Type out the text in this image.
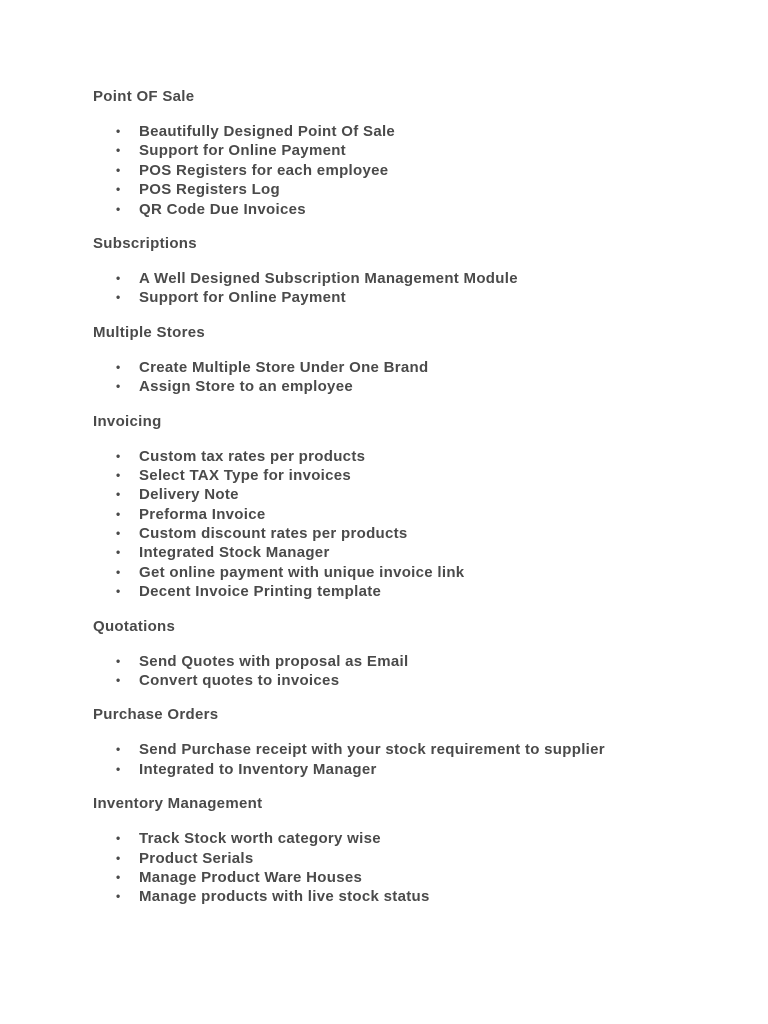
Point OF Sale
• Beautifully Designed Point Of Sale
• Support for Online Payment
• POS Registers for each employee
• POS Registers Log
• QR Code Due Invoices
Subscriptions
• A Well Designed Subscription Management Module
• Support for Online Payment
Multiple Stores
• Create Multiple Store Under One Brand
• Assign Store to an employee
Invoicing
• Custom tax rates per products
• Select TAX Type for invoices
• Delivery Note
• Preforma Invoice
• Custom discount rates per products
• Integrated Stock Manager
• Get online payment with unique invoice link
• Decent Invoice Printing template
Quotations
• Send Quotes with proposal as Email
• Convert quotes to invoices
Purchase Orders
• Send Purchase receipt with your stock requirement to supplier
• Integrated to Inventory Manager
Inventory Management
• Track Stock worth category wise
• Product Serials
• Manage Product Ware Houses
• Manage products with live stock status
